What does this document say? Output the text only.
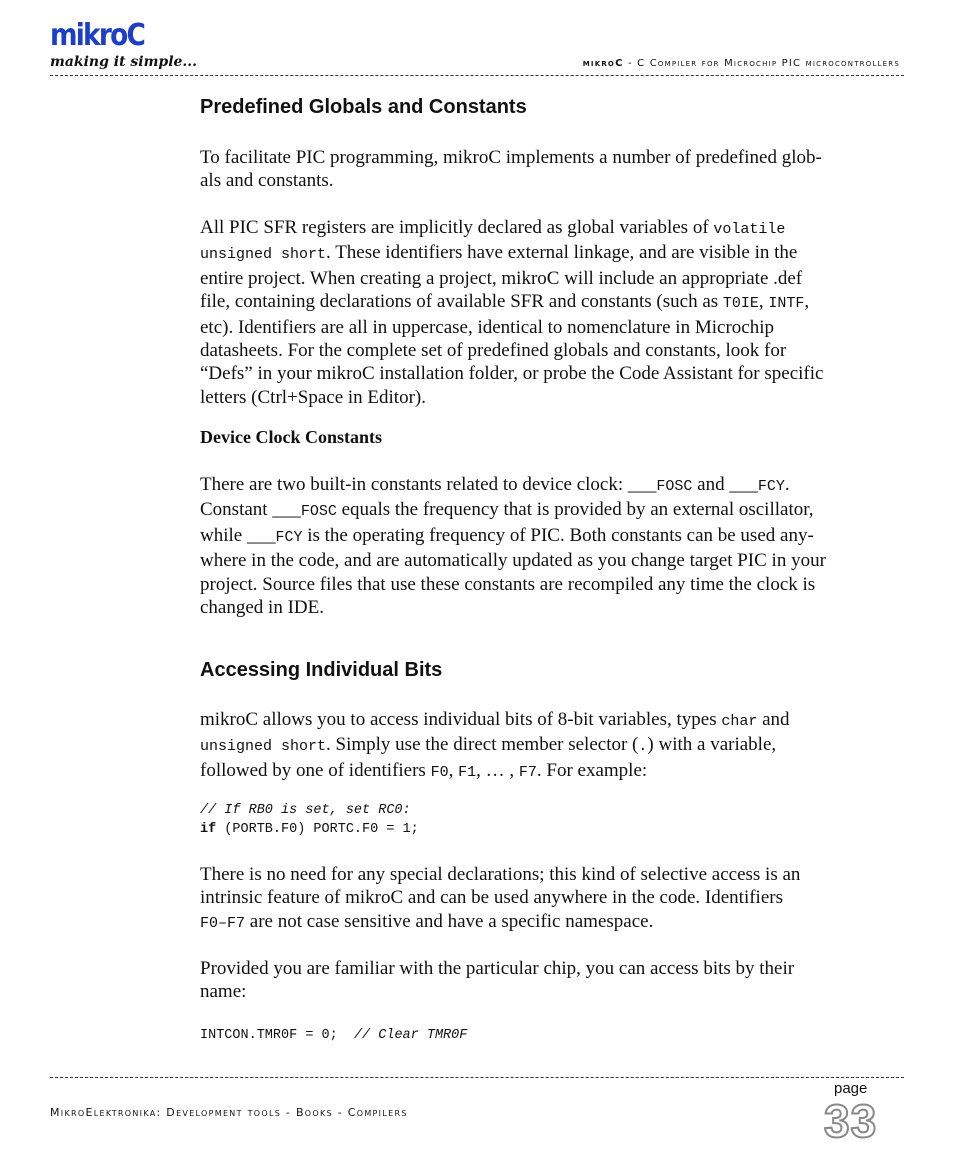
mikroC
making it simple...	mikroC - C Compiler for Microchip PIC microcontrollers
Predefined Globals and Constants

To facilitate PIC programming, mikroC implements a number of predefined glob-
als and constants.

All PIC SFR registers are implicitly declared as global variables of volatile
unsigned short. These identifiers have external linkage, and are visible in the
entire project. When creating a project, mikroC will include an appropriate .def
file, containing declarations of available SFR and constants (such as T0IE, INTF,
etc). Identifiers are all in uppercase, identical to nomenclature in Microchip
datasheets. For the complete set of predefined globals and constants, look for
“Defs” in your mikroC installation folder, or probe the Code Assistant for specific
letters (Ctrl+Space in Editor).

Device Clock Constants

There are two built-in constants related to device clock: ___FOSC and ___FCY.
Constant ___FOSC equals the frequency that is provided by an external oscillator,
while ___FCY is the operating frequency of PIC. Both constants can be used any-
where in the code, and are automatically updated as you change target PIC in your
project. Source files that use these constants are recompiled any time the clock is
changed in IDE.

Accessing Individual Bits

mikroC allows you to access individual bits of 8-bit variables, types char and
unsigned short. Simply use the direct member selector (.) with a variable,
followed by one of identifiers F0, F1, … , F7. For example:

// If RB0 is set, set RC0:
if (PORTB.F0) PORTC.F0 = 1;

There is no need for any special declarations; this kind of selective access is an
intrinsic feature of mikroC and can be used anywhere in the code. Identifiers
F0–F7 are not case sensitive and have a specific namespace.

Provided you are familiar with the particular chip, you can access bits by their
name:

INTCON.TMR0F = 0;  // Clear TMR0F
MikroElektronika: Development tools - Books - Compilers
page
33
